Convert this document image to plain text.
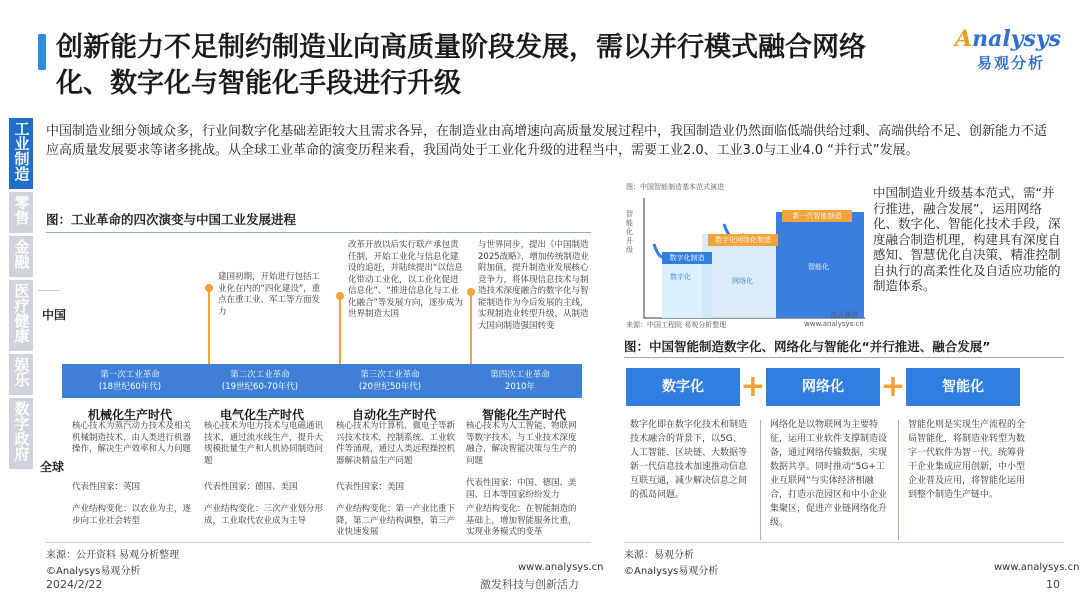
创新能力不足制约制造业向高质量阶段发展，需以并行模式融合网络化、数字化与智能化手段进行升级
Analysys
易观分析
工业制造
零售
金融
医疗健康
娱乐
数字政府
中国制造业细分领域众多，行业间数字化基础差距较大且需求各异，在制造业由高增速向高质量发展过程中，我国制造业仍然面临低端供给过剩、高端供给不足、创新能力不适应高质量发展要求等诸多挑战。从全球工业革命的演变历程来看，我国尚处于工业化升级的进程当中，需要工业2.0、工业3.0与工业4.0 “并行式”发展。
图：工业革命的四次演变与中国工业发展进程
中国
全球
建国初期，开始进行包括工业化在内的“四化建设”，重点在重工业、军工等方面发力
改革开放以后实行联产承包责任制，开始工业化与信息化建设的追赶，并陆续提出“以信息化带动工业化，以工业化促进信息化”、“推进信息化与工业化融合”等发展方向，逐步成为世界制造大国
与世界同步，提出《中国制造2025战略》，增加传统制造业附加值，提升制造业发展核心竞争力，将体现信息技术与制造技术深度融合的数字化与智能制造作为今后发展的主线，实现制造业转型升级，从制造大国向制造强国转变
第一次工业革命
(18世纪60年代)
第二次工业革命
(19世纪60-70年代)
第三次工业革命
(20世纪50年代)
第四次工业革命
2010年
机械化生产时代	电气化生产时代	自动化生产时代	智能化生产时代
核心技术为蒸汽动力技术及相关机械制造技术，由人类进行机器操作，解决生产效率和人力问题
核心技术为电力技术与电磁通讯技术，通过流水线生产，提升大规模批量生产和人机协同制造问题
核心技术为计算机、微电子等新兴技术技术，控制系统、工业软件等涌现，通过人类远程操控机器解决精益生产问题
核心技术为人工智能、物联网等数字技术，与工业技术深度融合，解决智能决策与生产的问题
代表性国家：英国	代表性国家：德国、美国	代表性国家：美国	代表性国家：中国、德国、美国、日本等国家纷纷发力
产业结构变化：以农业为主，逐步向工业社会转型
产业结构变化：三次产业划分形成，工业取代农业成为主导
产业结构变化：第一产业比重下降，第二产业结构调整，第三产业快速发展
产业结构变化：在智能制造的基础上，增加智能服务比重，实现业务模式的变革
来源：公开资料 易观分析整理
©Analysys易观分析	www.analysys.cn
图：中国智能制造基本范式演进
智能化升级
数字化制造
数字化网络化制造
新一代智能制造
数字化	网络化
智能化
范式演进
来源：中国工程院 易观分析整理	www.analysys.cn
中国制造业升级基本范式，需“并行推进，融合发展”，运用网络化、数字化、智能化技术手段，深度融合制造机理，构建具有深度自感知、智慧优化自决策、精准控制自执行的高柔性化及自适应功能的制造体系。
图：中国智能制造数字化、网络化与智能化“并行推进、融合发展”
数字化	+	网络化	+	智能化
数字化即在数字化技术和制造技术融合的背景下，以5G、人工智能、区块链、大数据等新一代信息技术加速推动信息互联互通，减少解决信息之间的孤岛问题。
网络化是以物联网为主要特征，运用工业软件支撑制造设备，通过网络传输数据，实现数据共享。同时推动“5G+工业互联网”与实体经济相融合，打造示范园区和中小企业集聚区，促进产业链网络化升级。
智能化则是实现生产流程的全局智能化，将制造业转型为数字一代软件为智一代。统筹骨干企业集成应用创新，中小型企业普及应用，将智能化运用到整个制造生产链中。
来源：易观分析
©Analysys易观分析	www.analysys.cn
2024/2/22	激发科技与创新活力	10
